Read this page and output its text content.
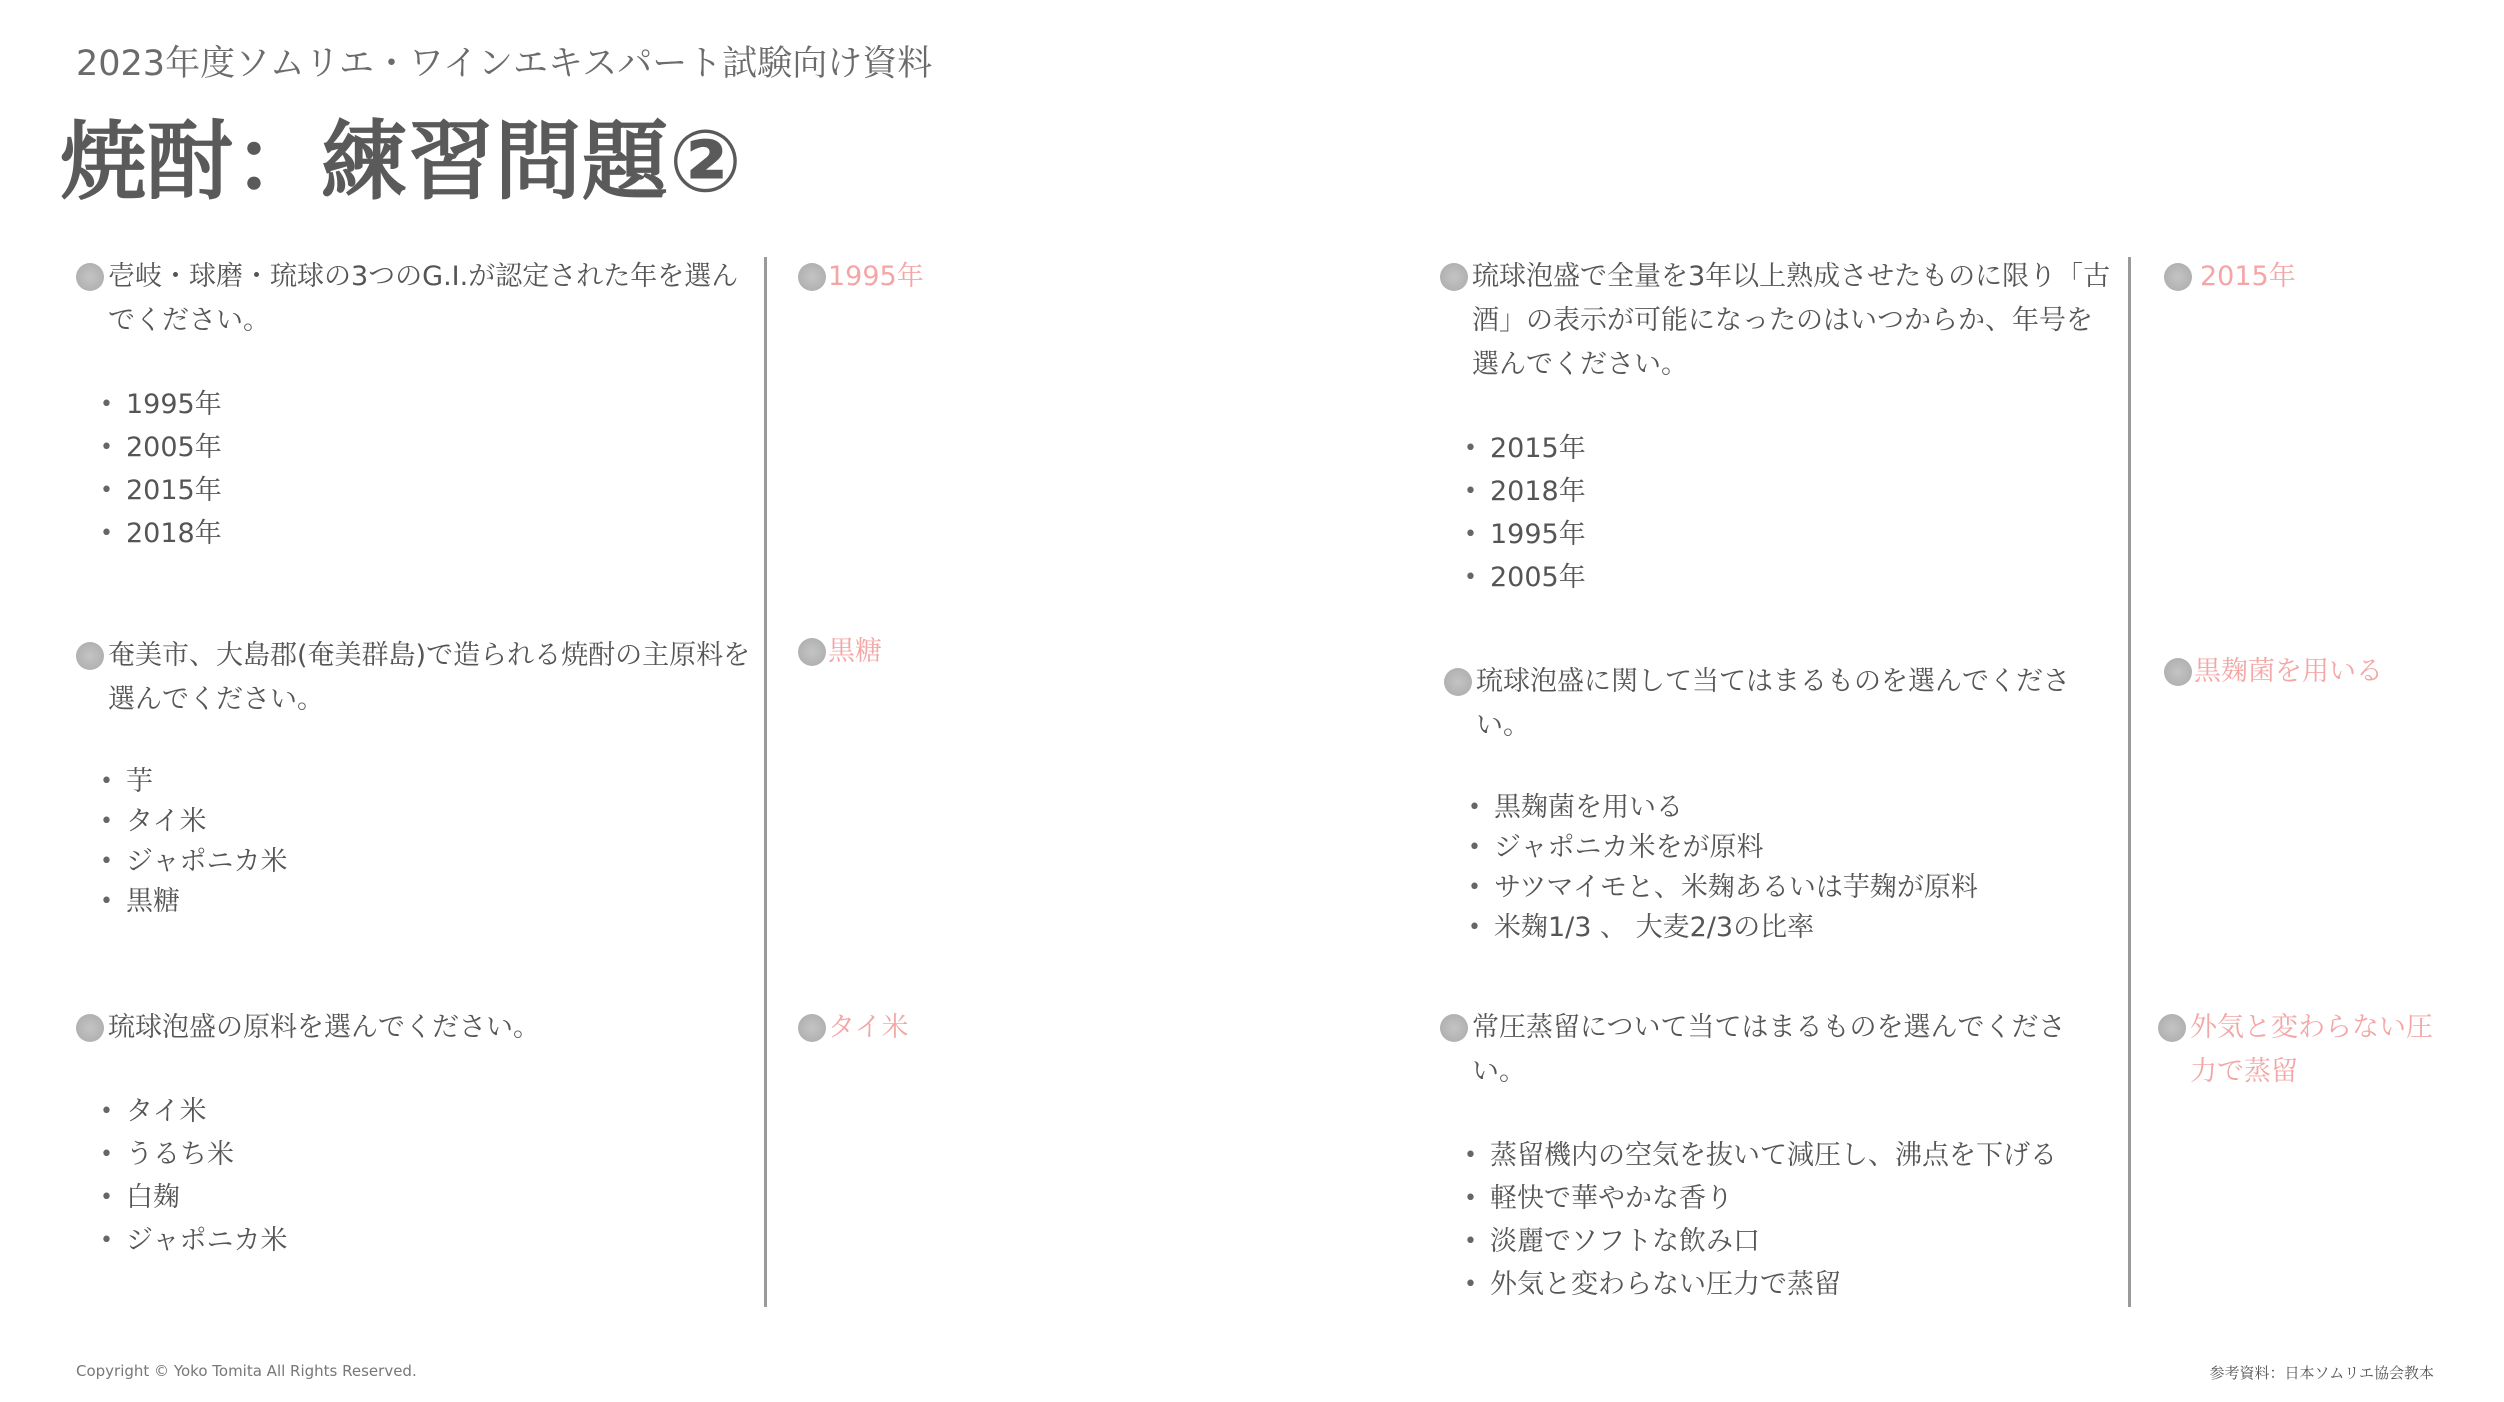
2023年度ソムリエ・ワインエキスパート試験向け資料
焼酎：練習問題②
壱岐・球磨・琉球の3つのG.I.が認定された年を選んでください。
• 1995年
• 2005年
• 2015年
• 2018年
奄美市、大島郡(奄美群島)で造られる焼酎の主原料を選んでください。
• 芋
• タイ米
• ジャポニカ米
• 黒糖
琉球泡盛の原料を選んでください。
• タイ米
• うるち米
• 白麹
• ジャポニカ米
1995年
黒糖
タイ米
琉球泡盛で全量を3年以上熟成させたものに限り「古酒」の表示が可能になったのはいつからか、年号を選んでください。
• 2015年
• 2018年
• 1995年
• 2005年
琉球泡盛に関して当てはまるものを選んでください。
• 黒麹菌を用いる
• ジャポニカ米をが原料
• サツマイモと、米麹あるいは芋麹が原料
• 米麹1/3 、 大麦2/3の比率
常圧蒸留について当てはまるものを選んでください。
• 蒸留機内の空気を抜いて減圧し、沸点を下げる
• 軽快で華やかな香り
• 淡麗でソフトな飲み口
• 外気と変わらない圧力で蒸留
2015年
黒麹菌を用いる
外気と変わらない圧力で蒸留
Copyright © Yoko Tomita All Rights Reserved.	参考資料：日本ソムリエ協会教本
